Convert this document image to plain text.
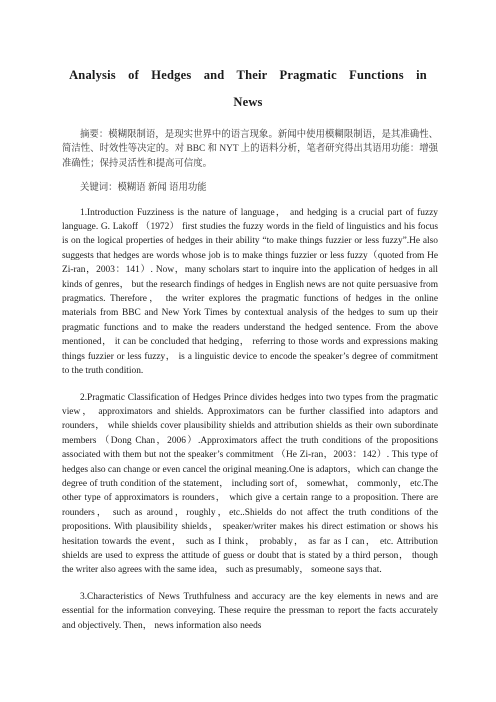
Analysis of Hedges and Their Pragmatic Functions in
News

摘要：模糊限制语，是现实世界中的语言现象。新闻中使用模糊限制语，是其准确性、简洁性、时效性等决定的。对 BBC 和 NYT 上的语料分析，笔者研究得出其语用功能：增强准确性；保持灵活性和提高可信度。

关键词：模糊语 新闻 语用功能

1.Introduction Fuzziness is the nature of language， and hedging is a crucial part of fuzzy language. G. Lakoff （1972） first studies the fuzzy words in the field of linguistics and his focus is on the logical properties of hedges in their ability “to make things fuzzier or less fuzzy”.He also suggests that hedges are words whose job is to make things fuzzier or less fuzzy（quoted from He Zi-ran，2003：141）. Now，many scholars start to inquire into the application of hedges in all kinds of genres， but the research findings of hedges in English news are not quite persuasive from pragmatics. Therefore， the writer explores the pragmatic functions of hedges in the online materials from BBC and New York Times by contextual analysis of the hedges to sum up their pragmatic functions and to make the readers understand the hedged sentence. From the above mentioned， it can be concluded that hedging， referring to those words and expressions making things fuzzier or less fuzzy， is a linguistic device to encode the speaker’s degree of commitment to the truth condition.

2.Pragmatic Classification of Hedges Prince divides hedges into two types from the pragmatic view， approximators and shields. Approximators can be further classified into adaptors and rounders， while shields cover plausibility shields and attribution shields as their own subordinate members （Dong Chan，2006）.Approximators affect the truth conditions of the propositions associated with them but not the speaker’s commitment （He Zi-ran，2003：142）. This type of hedges also can change or even cancel the original meaning.One is adaptors，which can change the degree of truth condition of the statement， including sort of， somewhat， commonly， etc.The other type of approximators is rounders， which give a certain range to a proposition. There are rounders， such as around，roughly，etc..Shields do not affect the truth conditions of the propositions. With plausibility shields， speaker/writer makes his direct estimation or shows his hesitation towards the event， such as I think， probably， as far as I can， etc. Attribution shields are used to express the attitude of guess or doubt that is stated by a third person， though the writer also agrees with the same idea， such as presumably， someone says that.

3.Characteristics of News Truthfulness and accuracy are the key elements in news and are essential for the information conveying. These require the pressman to report the facts accurately and objectively. Then， news information also needs
